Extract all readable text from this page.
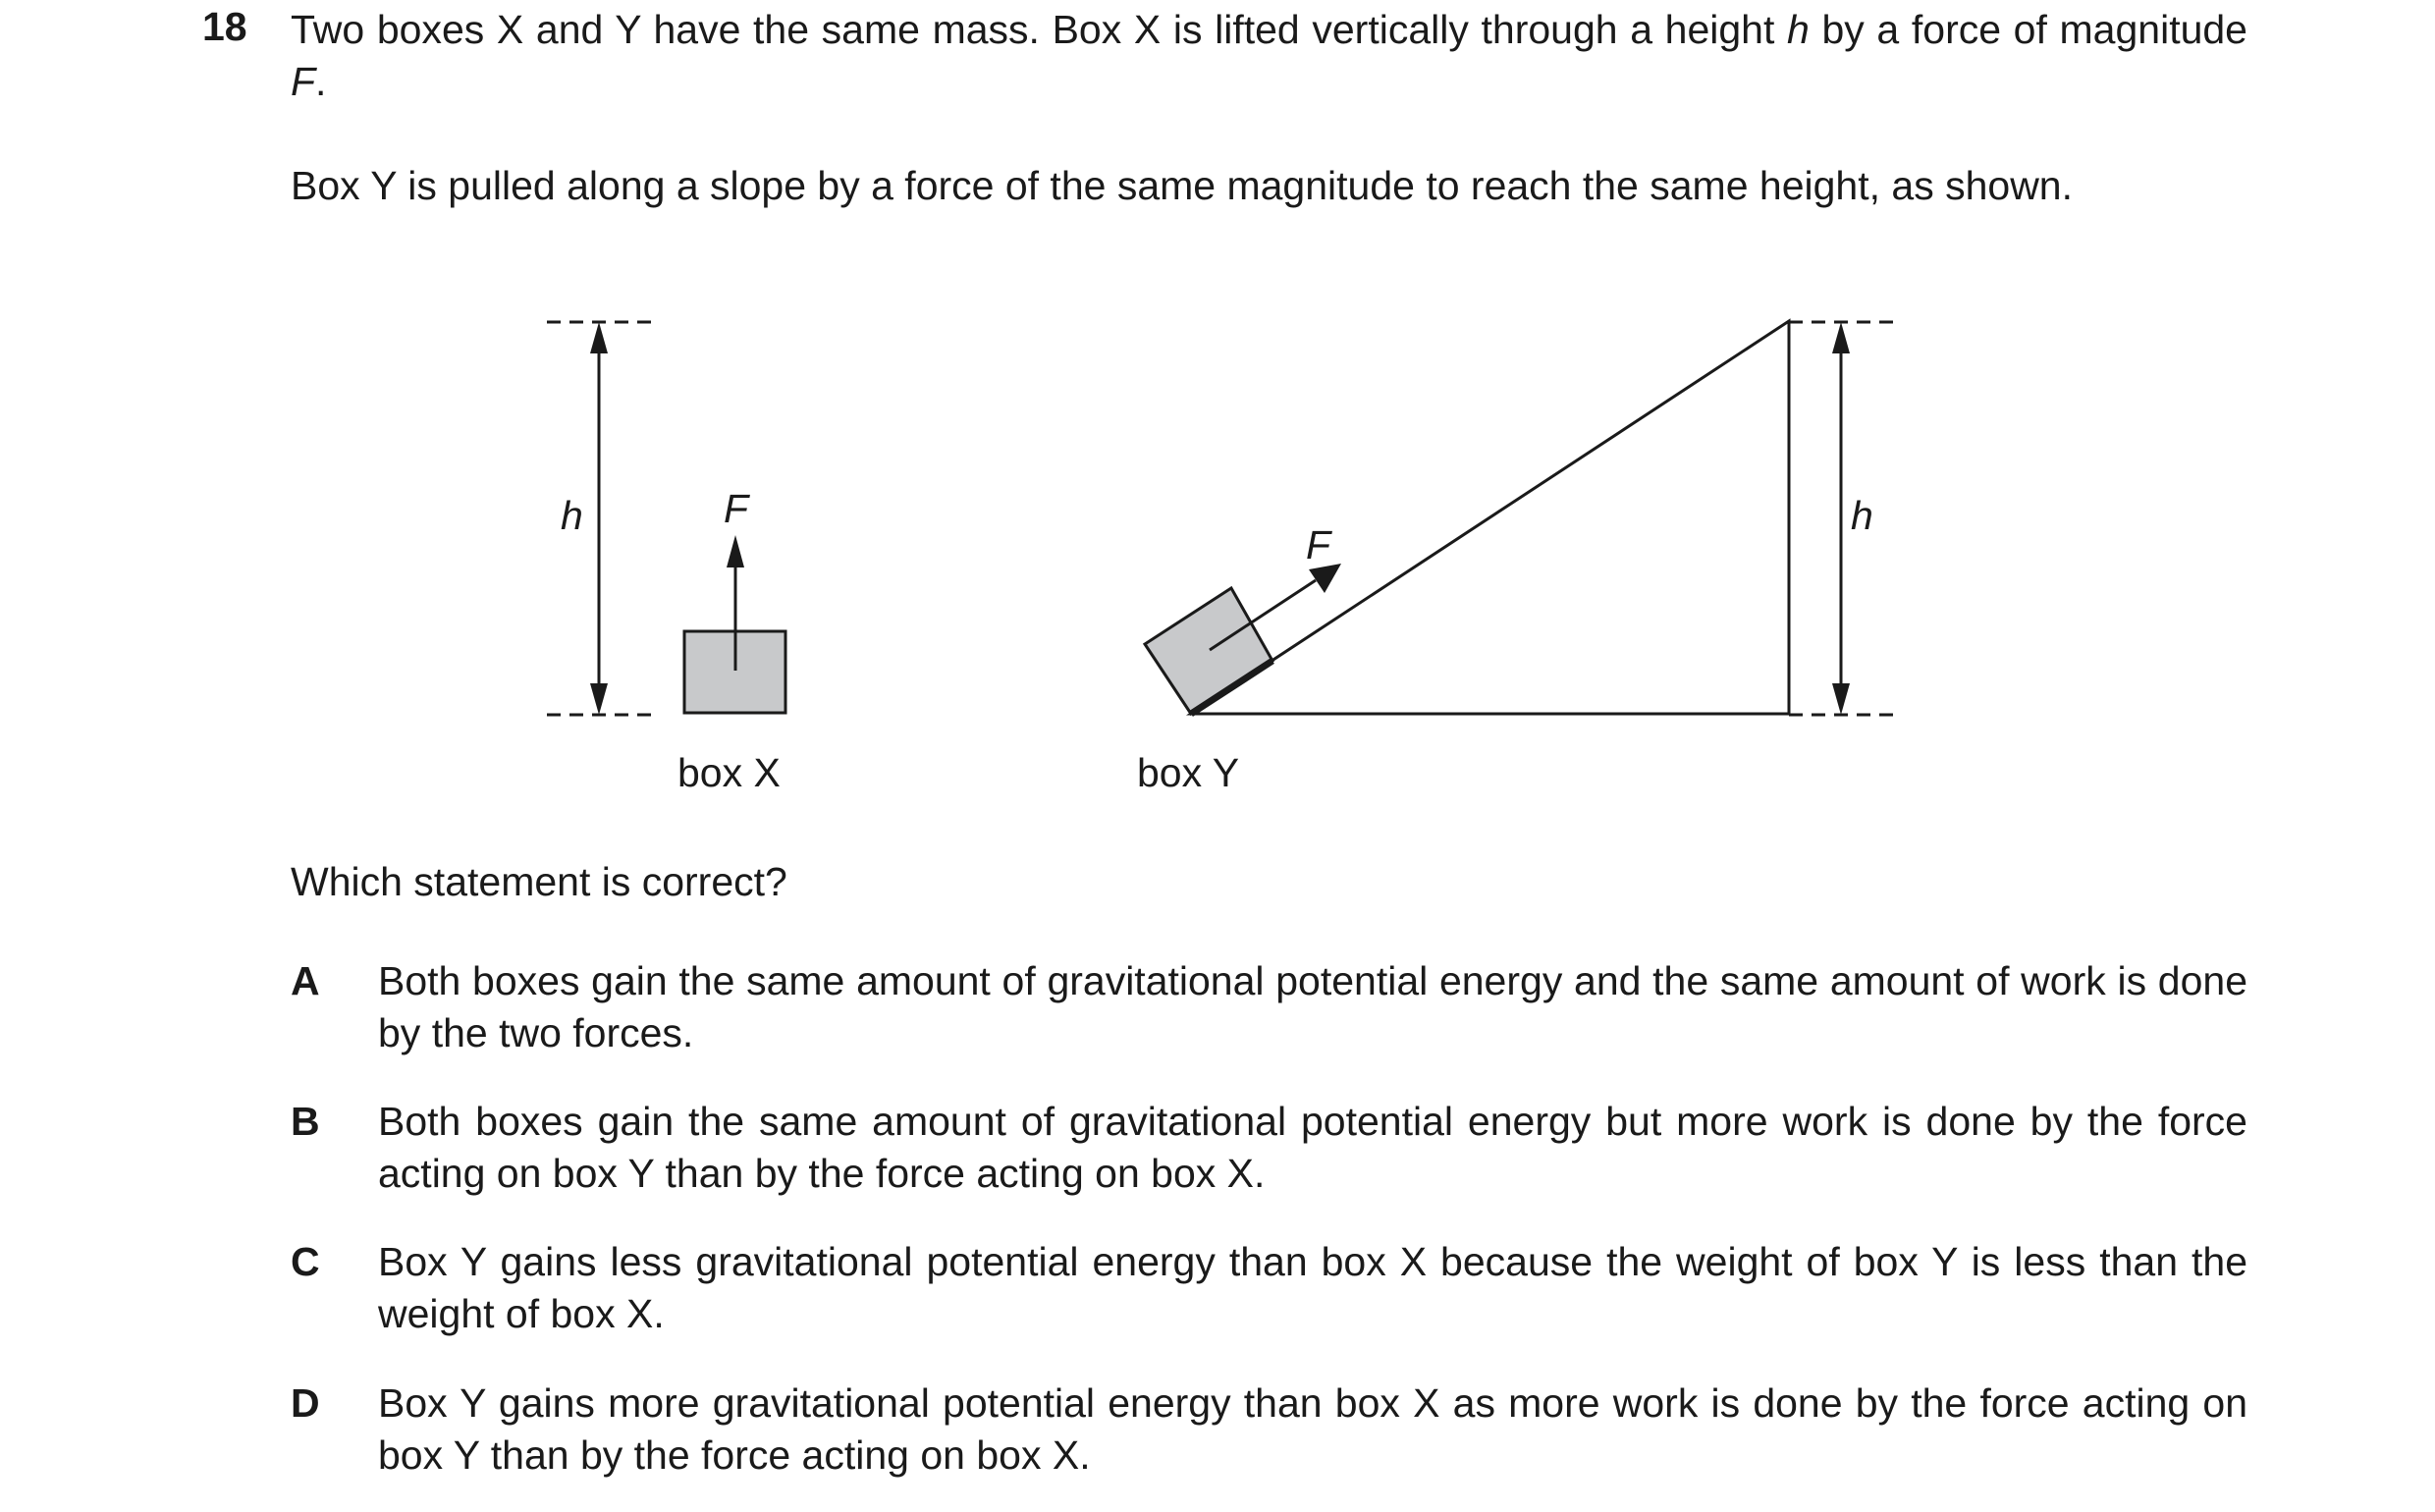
18 Two boxes X and Y have the same mass. Box X is lifted vertically through a height h by a force of magnitude F.
Box Y is pulled along a slope by a force of the same magnitude to reach the same height, as shown.
h	F
box X
F
h
box Y
Which statement is correct?
A Both boxes gain the same amount of gravitational potential energy and the same amount of work is done by the two forces.
B Both boxes gain the same amount of gravitational potential energy but more work is done by the force acting on box Y than by the force acting on box X.
C Box Y gains less gravitational potential energy than box X because the weight of box Y is less than the weight of box X.
D Box Y gains more gravitational potential energy than box X as more work is done by the force acting on box Y than by the force acting on box X.
